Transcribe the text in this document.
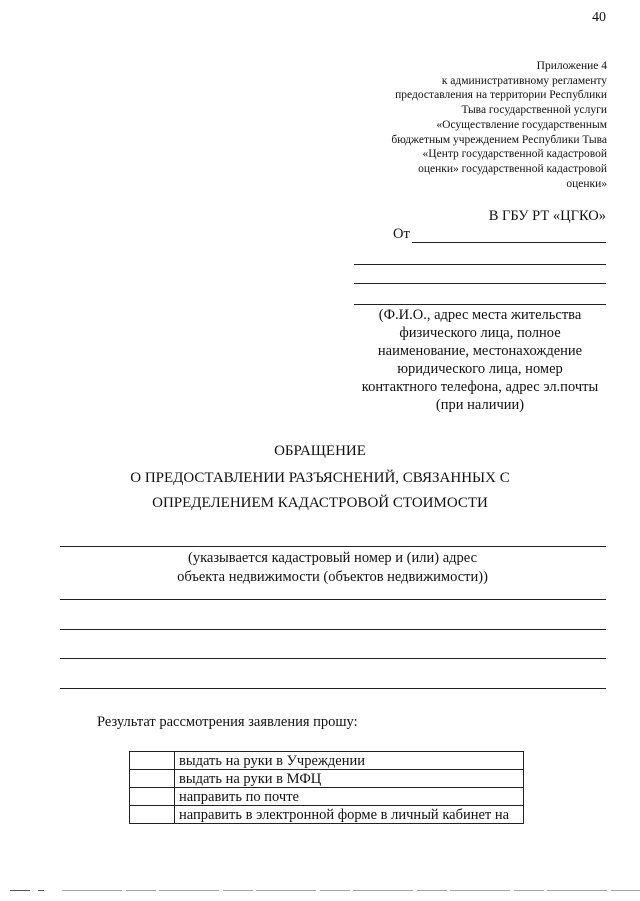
40
Приложение 4
к административному регламенту
предоставления на территории Республики
Тыва государственной услуги
«Осуществление государственным
бюджетным учреждением Республики Тыва
«Центр государственной кадастровой
оценки» государственной кадастровой
оценки»
В ГБУ РТ «ЦГКО»
От
(Ф.И.О., адрес места жительства
физического лица, полное
наименование, местонахождение
юридического лица, номер
контактного телефона, адрес эл.почты
(при наличии)
ОБРАЩЕНИЕ
О ПРЕДОСТАВЛЕНИИ РАЗЪЯСНЕНИЙ, СВЯЗАННЫХ С
ОПРЕДЕЛЕНИЕМ КАДАСТРОВОЙ СТОИМОСТИ
(указывается кадастровый номер и (или) адрес
объекта недвижимости (объектов недвижимости))
Результат рассмотрения заявления прошу:
	выдать на руки в Учреждении
	выдать на руки в МФЦ
	направить по почте
	направить в электронной форме в личный кабинет на
